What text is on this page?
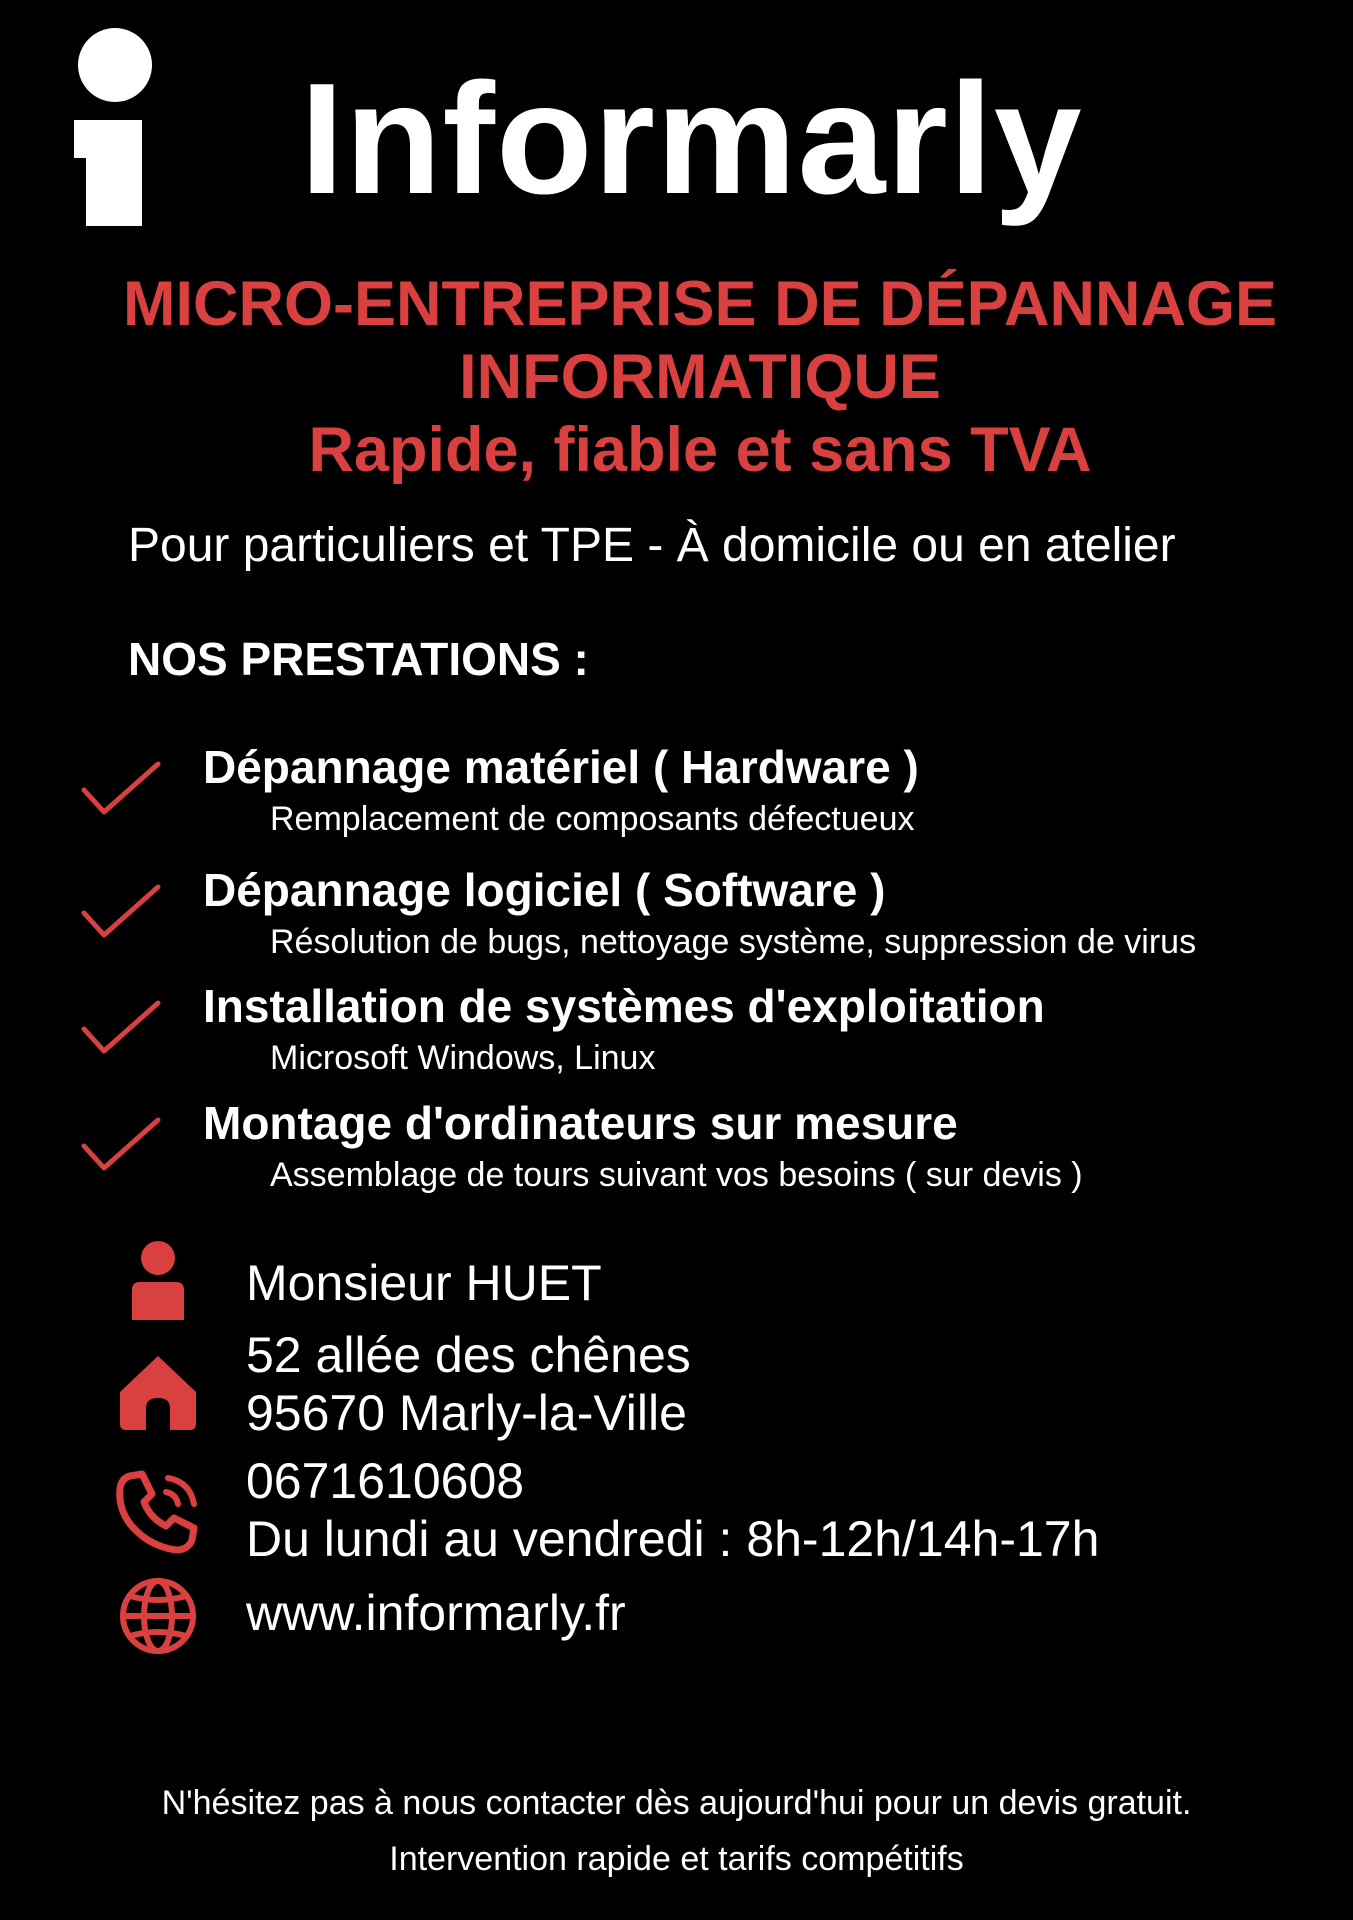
Informarly
MICRO-ENTREPRISE DE DÉPANNAGE
INFORMATIQUE
Rapide, fiable et sans TVA
Pour particuliers et TPE - À domicile ou en atelier
NOS PRESTATIONS :
Dépannage matériel ( Hardware )
Remplacement de composants défectueux
Dépannage logiciel ( Software )
Résolution de bugs, nettoyage système, suppression de virus
Installation de systèmes d'exploitation
Microsoft Windows, Linux
Montage d'ordinateurs sur mesure
Assemblage de tours suivant vos besoins ( sur devis )
Monsieur HUET
52 allée des chênes
95670 Marly-la-Ville
0671610608
Du lundi au vendredi : 8h-12h/14h-17h
www.informarly.fr
N'hésitez pas à nous contacter dès aujourd'hui pour un devis gratuit.
Intervention rapide et tarifs compétitifs
